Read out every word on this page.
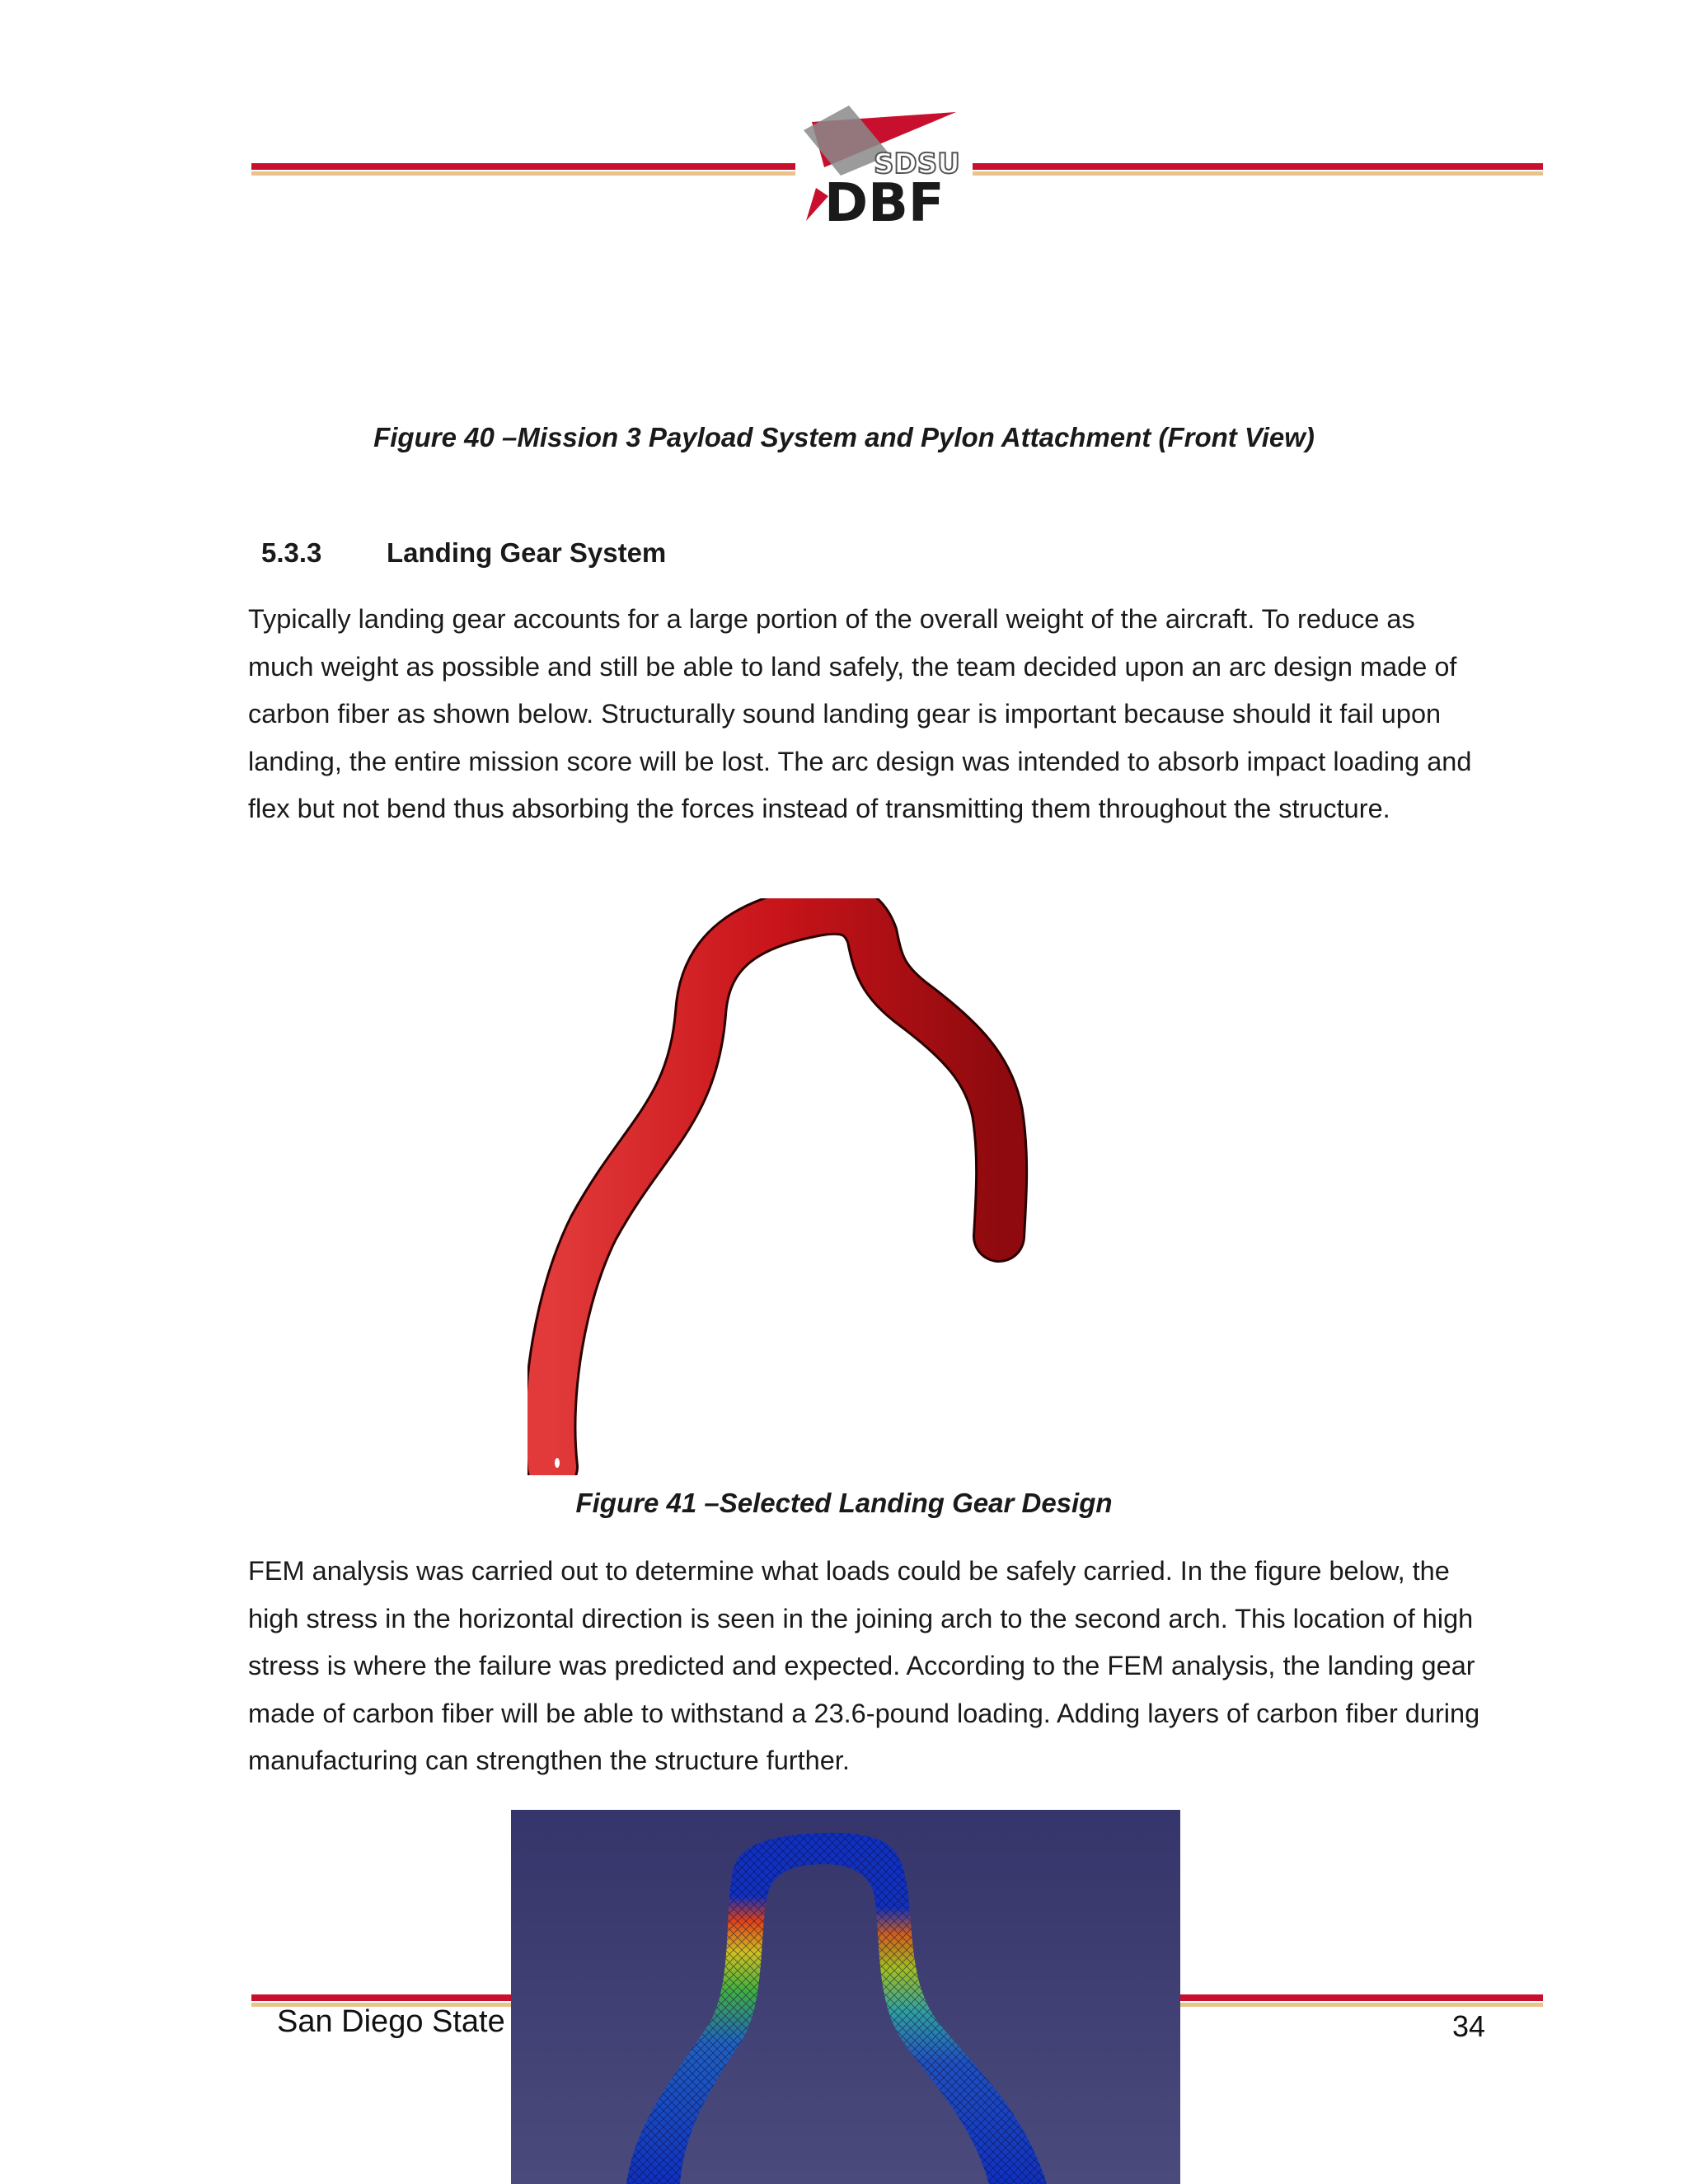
SDSU
DBF
Figure 40 –Mission 3 Payload System and Pylon Attachment (Front View)
5.3.3 Landing Gear System
Typically landing gear accounts for a large portion of the overall weight of the aircraft. To reduce as much weight as possible and still be able to land safely, the team decided upon an arc design made of carbon fiber as shown below. Structurally sound landing gear is important because should it fail upon landing, the entire mission score will be lost. The arc design was intended to absorb impact loading and flex but not bend thus absorbing the forces instead of transmitting them throughout the structure.
Figure 41 –Selected Landing Gear Design
FEM analysis was carried out to determine what loads could be safely carried. In the figure below, the high stress in the horizontal direction is seen in the joining arch to the second arch. This location of high stress is where the failure was predicted and expected. According to the FEM analysis, the landing gear made of carbon fiber will be able to withstand a 23.6-pound loading. Adding layers of carbon fiber during manufacturing can strengthen the structure further.
San Diego State	34
